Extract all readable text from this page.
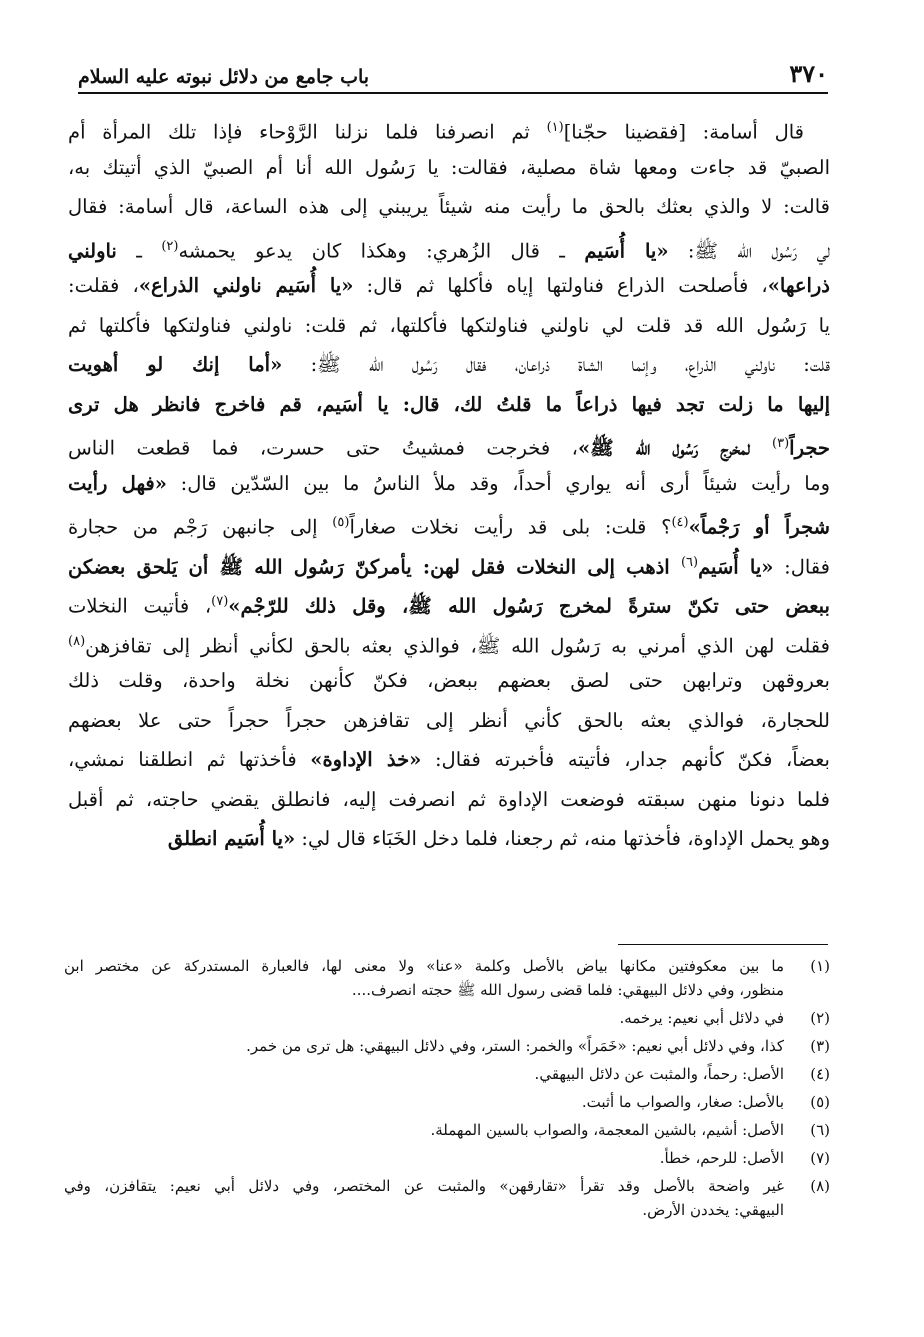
٣٧٠
باب جامع من دلائل نبوته عليه السلام
قال أسامة: [فقضينا حجّنا]$^{(١)}$ ثم انصرفنا فلما نزلنا الرَّوْحاء فإذا تلك المرأة أم
الصبيّ قد جاءت ومعها شاة مصلية، فقالت: يا رَسُول الله أنا أم الصبيّ الذي أتيتك به،
قالت: لا والذي بعثك بالحق ما رأيت منه شيئاً يريبني إلى هذه الساعة، قال أسامة: فقال
لي رَسُول الله ﷺ: «يا أُسَيم ـ قال الزُهري: وهكذا كان يدعو يحمشه$^{(٢)}$ ـ ناولني
ذراعها»، فأصلحت الذراع فناولتها إياه فأكلها ثم قال: «يا أُسَيم ناولني الذراع»، فقلت:
يا رَسُول الله قد قلت لي ناولني فناولتكها فأكلتها، ثم قلت: ناولني فناولتكها فأكلتها ثم
قلت: ناولني الذراع، وإنما الشاة ذراعان، فقال رَسُول الله ﷺ: «أما إنك لو أهويت
إليها ما زلت تجد فيها ذراعاً ما قلتُ لك، قال: يا أسَيم، قم فاخرج فانظر هل ترى
حجراً$^{(٣)}$ لمخرج رَسُول الله ﷺ»، فخرجت فمشيتُ حتى حسرت، فما قطعت الناس
وما رأيت شيئاً أرى أنه يواري أحداً، وقد ملأ الناسُ ما بين السّدّين قال: «فهل رأيت
شجراً أو رَجْماً»$^{(٤)}$؟ قلت: بلى قد رأيت نخلات صغاراً$^{(٥)}$ إلى جانبهن رَجْم من حجارة
فقال: «يا أُسَيم$^{(٦)}$ اذهب إلى النخلات فقل لهن: يأمركنّ رَسُول الله ﷺ أن يَلحق بعضكن
ببعض حتى تكنّ سترةً لمخرج رَسُول الله ﷺ، وقل ذلك للرّجْم»$^{(٧)}$، فأتيت النخلات
فقلت لهن الذي أمرني به رَسُول الله ﷺ، فوالذي بعثه بالحق لكأني أنظر إلى تقافزهن$^{(٨)}$
بعروقهن وترابهن حتى لصق بعضهم ببعض، فكنّ كأنهن نخلة واحدة، وقلت ذلك
للحجارة، فوالذي بعثه بالحق كأني أنظر إلى تقافزهن حجراً حجراً حتى علا بعضهم
بعضاً، فكنّ كأنهم جدار، فأتيته فأخبرته فقال: «خذ الإداوة» فأخذتها ثم انطلقنا نمشي،
فلما دنونا منهن سبقته فوضعت الإداوة ثم انصرفت إليه، فانطلق يقضي حاجته، ثم أقبل
وهو يحمل الإداوة، فأخذتها منه، ثم رجعنا، فلما دخل الخَبَاء قال لي: «يا أُسَيم انطلق
(١)
ما بين معكوفتين مكانها بياض بالأصل وكلمة «عنا» ولا معنى لها، فالعبارة المستدركة عن مختصر ابن
منظور، وفي دلائل البيهقي: فلما قضى رسول الله ﷺ حجته انصرف....
(٢)
في دلائل أبي نعيم: يرخمه.
(٣)
كذا، وفي دلائل أبي نعيم: «خَمَراً» والخمر: الستر، وفي دلائل البيهقي: هل ترى من خمر.
(٤)
الأصل: رحماً، والمثبت عن دلائل البيهقي.
(٥)
بالأصل: صغار، والصواب ما أثبت.
(٦)
الأصل: أشيم، بالشين المعجمة، والصواب بالسين المهملة.
(٧)
الأصل: للرحم، خطأ.
(٨)
غير واضحة بالأصل وقد تقرأ «تقارقهن» والمثبت عن المختصر، وفي دلائل أبي نعيم: يتقافزن، وفي
البيهقي: يخددن الأرض.
